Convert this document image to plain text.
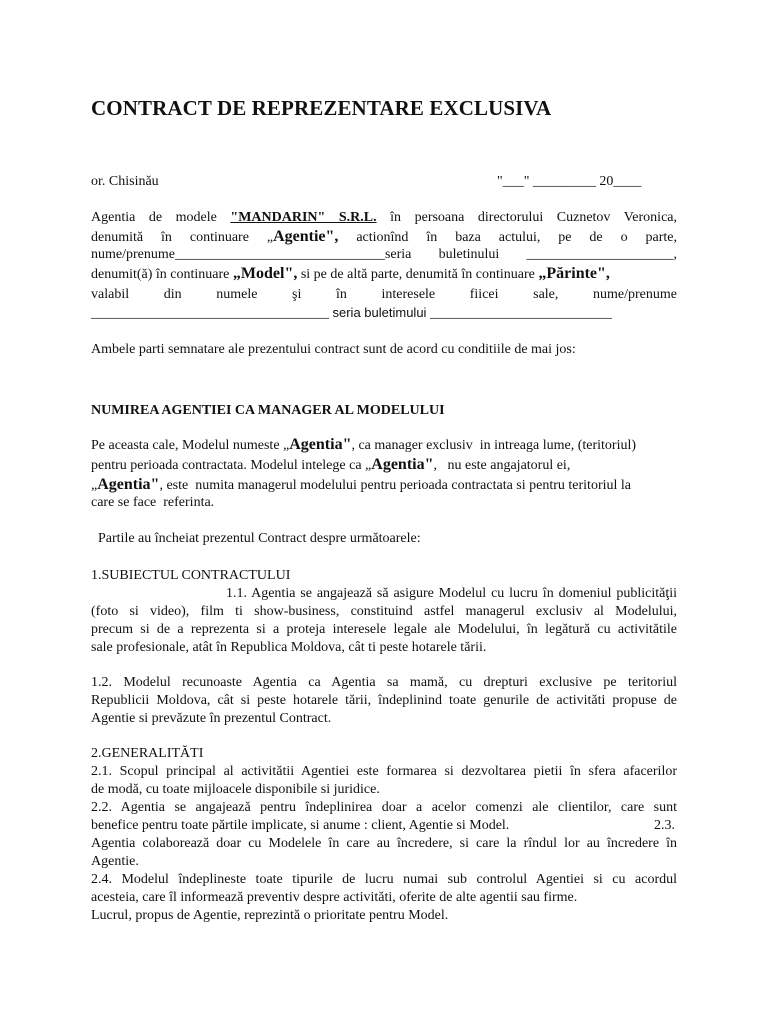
CONTRACT DE REPREZENTARE EXCLUSIVA
or. Chisinău	"___" _________ 20____
Agentia de modele "MANDARIN" S.R.L. în persoana directorului Cuznetov Veronica,
denumită în continuare „Agentie", actionînd în baza actului, pe de o parte,
nume/prenume______________________________seria buletinului _____________________,
denumit(ă) în continuare „Model", si pe de altă parte, denumită în continuare „Părinte",
valabil din numele şi în interesele fiicei sale, nume/prenume
__________________________________ seria buletimului __________________________
Ambele parti semnatare ale prezentului contract sunt de acord cu conditiile de mai jos:
NUMIREA AGENTIEI CA MANAGER AL MODELULUI
Pe aceasta cale, Modelul numeste „Agentia", ca manager exclusiv  in intreaga lume, (teritoriul)
pentru perioada contractata. Modelul intelege ca „Agentia",   nu este angajatorul ei,
„Agentia", este  numita managerul modelului pentru perioada contractata si pentru teritoriul la
care se face  referinta.
Partile au încheiat prezentul Contract despre următoarele:
1.SUBIECTUL CONTRACTULUI
1.1. Agentia se angajează să asigure Modelul cu lucru în domeniul publicităţii
(foto si video), film ti show-business, constituind astfel managerul exclusiv al Modelului,
precum si de a reprezenta si a proteja interesele legale ale Modelului, în legătură cu activitătile
sale profesionale, atât în Republica Moldova, cât ti peste hotarele tării.
1.2. Modelul recunoaste Agentia ca Agentia sa mamă, cu drepturi exclusive pe teritoriul
Republicii Moldova, cât si peste hotarele tării, îndeplinind toate genurile de activităti propuse de
Agentie si prevăzute în prezentul Contract.
2.GENERALITĂTI
2.1. Scopul principal al activitătii Agentiei este formarea si dezvoltarea pietii în sfera afacerilor
de modă, cu toate mijloacele disponibile si juridice.
2.2. Agentia se angajează pentru îndeplinirea doar a acelor comenzi ale clientilor, care sunt
benefice pentru toate părtile implicate, si anume : client, Agentie si Model.	2.3.
Agentia colaborează doar cu Modelele în care au încredere, si care la rîndul lor au încredere în
Agentie.
2.4. Modelul îndeplineste toate tipurile de lucru numai sub controlul Agentiei si cu acordul
acesteia, care îl informează preventiv despre activităti, oferite de alte agentii sau firme.
Lucrul, propus de Agentie, reprezintă o prioritate pentru Model.
